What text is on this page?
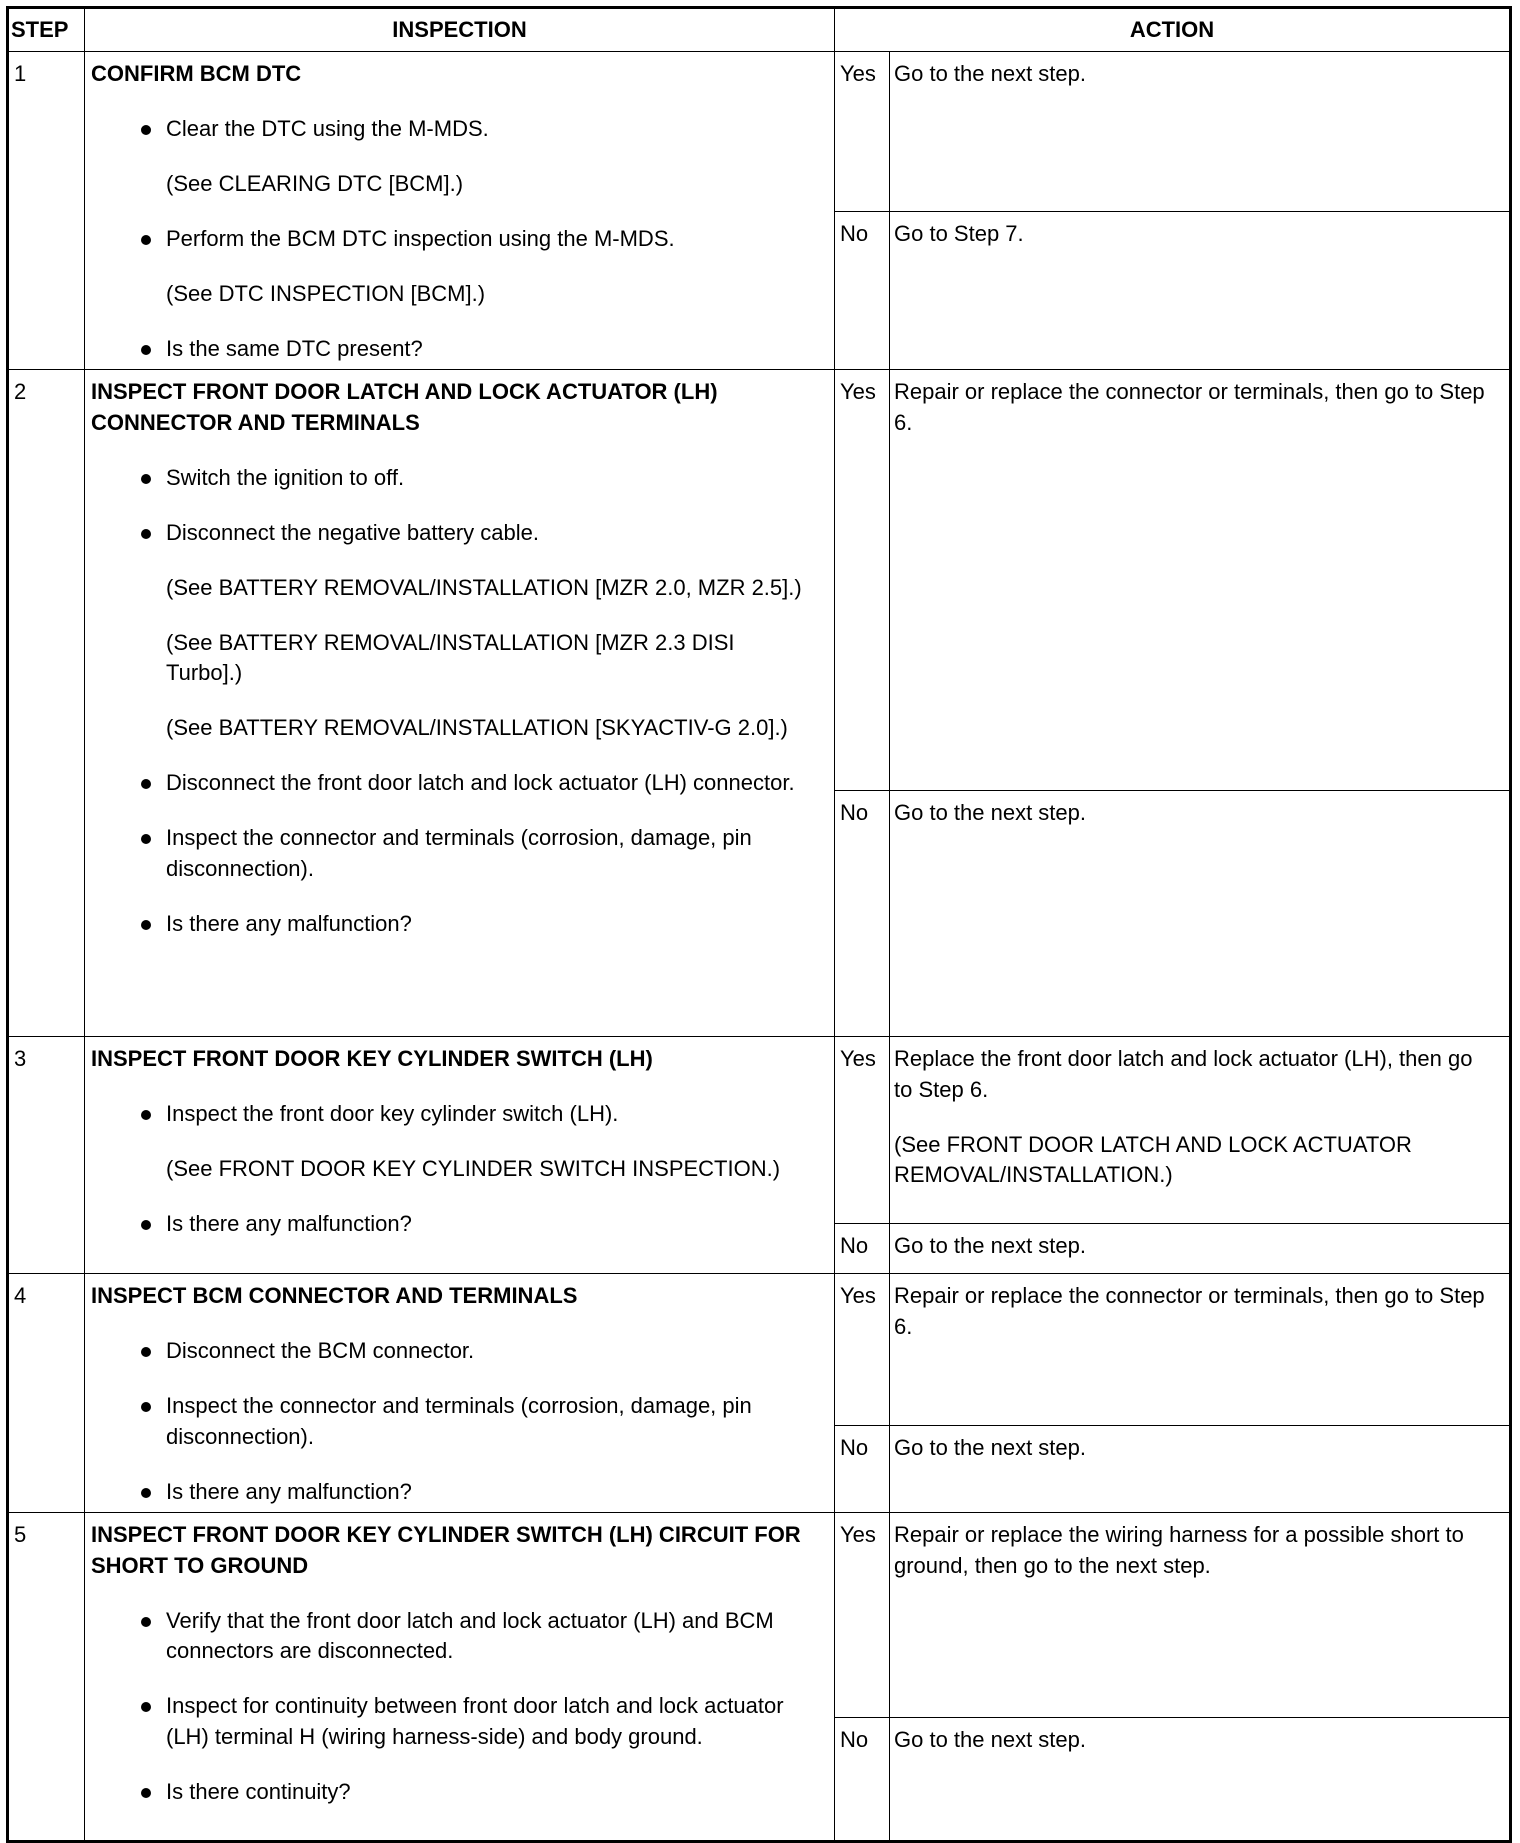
STEP	INSPECTION	ACTION
1	CONFIRM BCM DTC

Clear the DTC using the M-MDS.

(See CLEARING DTC [BCM].)

Perform the BCM DTC inspection using the M-MDS.

(See DTC INSPECTION [BCM].)

Is the same DTC present?

Yes Go to the next step.

No	Go to Step 7.

2	INSPECT FRONT DOOR LATCH AND LOCK ACTUATOR (LH) CONNECTOR AND TERMINALS

Switch the ignition to off.

Disconnect the negative battery cable.

(See BATTERY REMOVAL/INSTALLATION [MZR 2.0, MZR 2.5].)

(See BATTERY REMOVAL/INSTALLATION [MZR 2.3 DISI Turbo].)

(See BATTERY REMOVAL/INSTALLATION [SKYACTIV-G 2.0].)

Disconnect the front door latch and lock actuator (LH) connector.

Inspect the connector and terminals (corrosion, damage, pin disconnection).

Is there any malfunction?

Yes Repair or replace the connector or terminals, then go to Step 6.

No	Go to the next step.

3	INSPECT FRONT DOOR KEY CYLINDER SWITCH (LH)

Inspect the front door key cylinder switch (LH).

(See FRONT DOOR KEY CYLINDER SWITCH INSPECTION.)

Is there any malfunction?

Yes Replace the front door latch and lock actuator (LH), then go to Step 6.

(See FRONT DOOR LATCH AND LOCK ACTUATOR REMOVAL/INSTALLATION.)

No	Go to the next step.

4	INSPECT BCM CONNECTOR AND TERMINALS

Disconnect the BCM connector.

Inspect the connector and terminals (corrosion, damage, pin disconnection).

Is there any malfunction?

Yes Repair or replace the connector or terminals, then go to Step 6.

No	Go to the next step.

5	INSPECT FRONT DOOR KEY CYLINDER SWITCH (LH) CIRCUIT FOR SHORT TO GROUND

Verify that the front door latch and lock actuator (LH) and BCM connectors are disconnected.

Inspect for continuity between front door latch and lock actuator (LH) terminal H (wiring harness-side) and body ground.

Is there continuity?

Yes Repair or replace the wiring harness for a possible short to ground, then go to the next step.

No	Go to the next step.
